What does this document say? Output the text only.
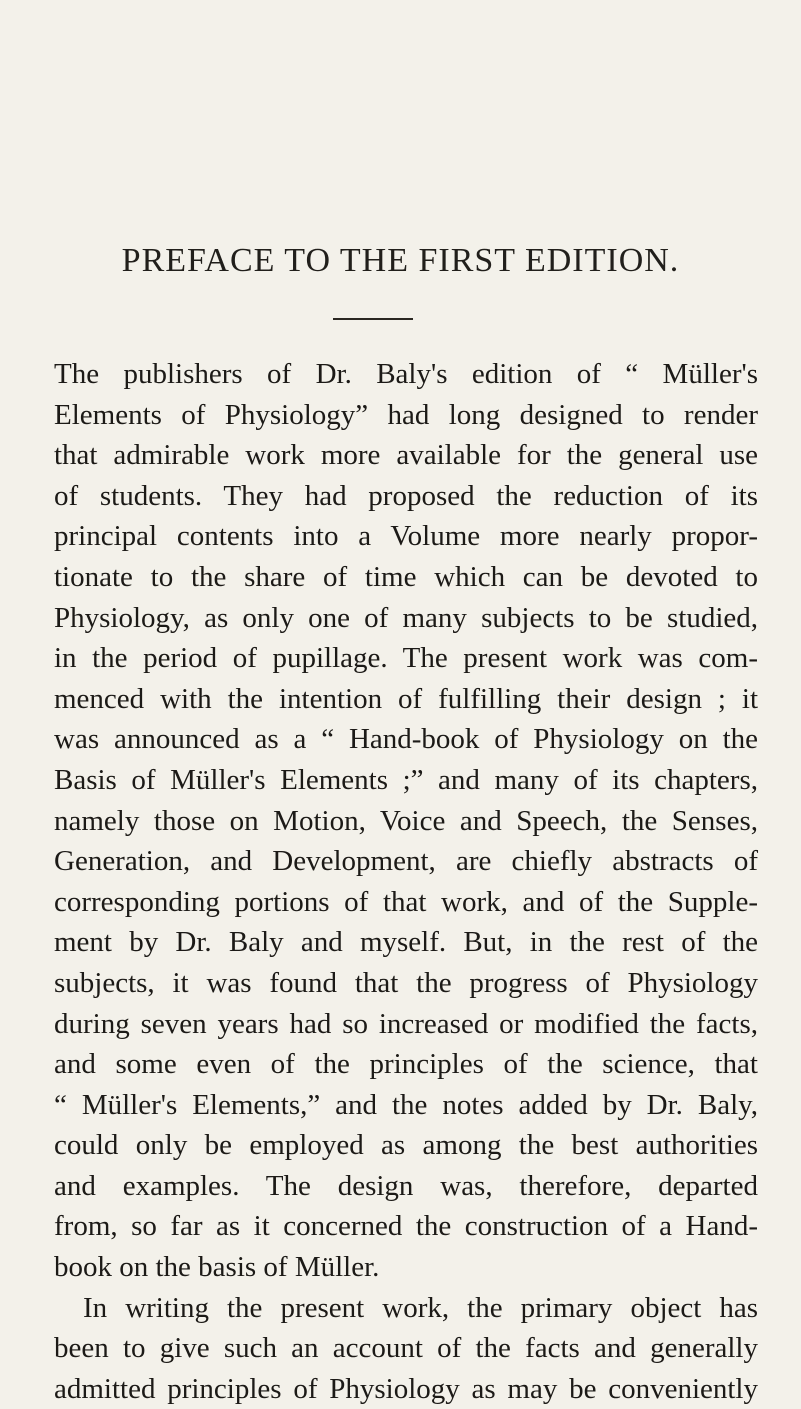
PREFACE TO THE FIRST EDITION.
The publishers of Dr. Baly's edition of “ Müller's
Elements of Physiology” had long designed to render
that admirable work more available for the general use
of students. They had proposed the reduction of its
principal contents into a Volume more nearly propor-
tionate to the share of time which can be devoted to
Physiology, as only one of many subjects to be studied,
in the period of pupillage. The present work was com-
menced with the intention of fulfilling their design ; it
was announced as a “ Hand-book of Physiology on the
Basis of Müller's Elements ;” and many of its chapters,
namely those on Motion, Voice and Speech, the Senses,
Generation, and Development, are chiefly abstracts of
corresponding portions of that work, and of the Supple-
ment by Dr. Baly and myself. But, in the rest of the
subjects, it was found that the progress of Physiology
during seven years had so increased or modified the facts,
and some even of the principles of the science, that
“ Müller's Elements,” and the notes added by Dr. Baly,
could only be employed as among the best authorities
and examples. The design was, therefore, departed
from, so far as it concerned the construction of a Hand-
book on the basis of Müller.
In writing the present work, the primary object has
been to give such an account of the facts and generally
admitted principles of Physiology as may be conveniently
